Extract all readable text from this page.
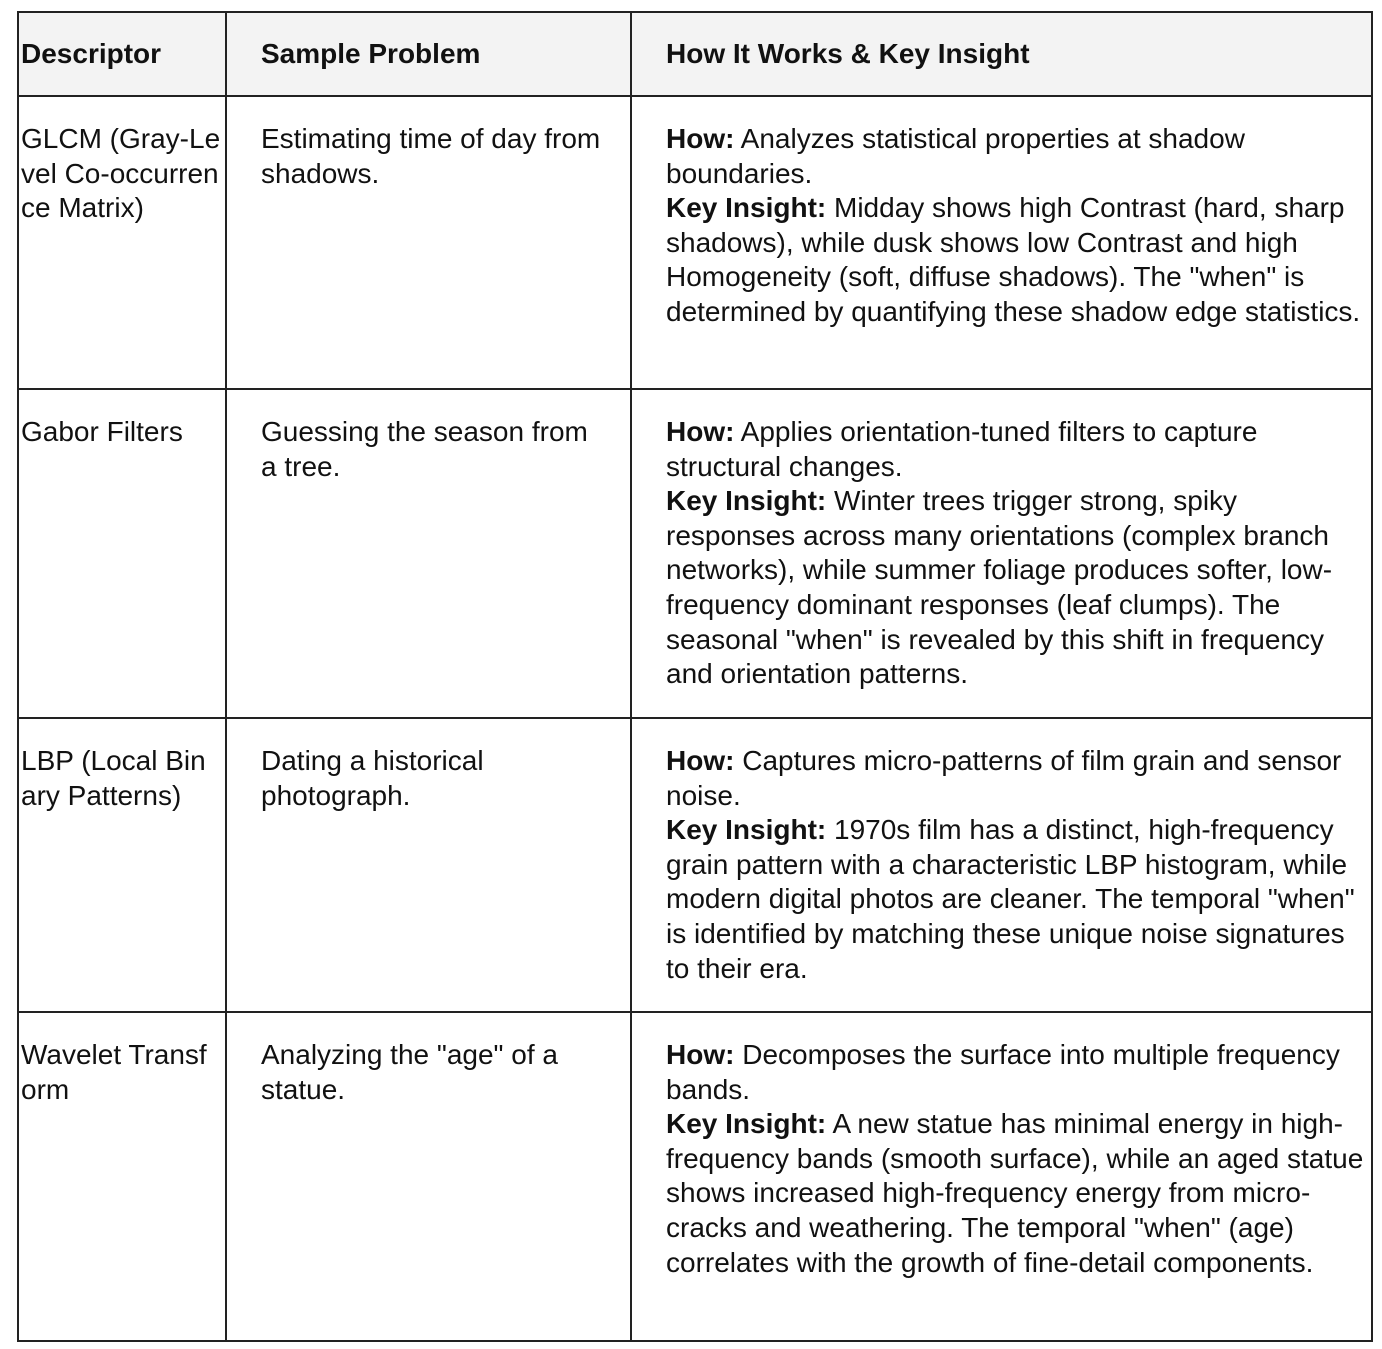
Descriptor	Sample Problem	How It Works & Key Insight
GLCM (Gray-Level Co-occurrence Matrix)	Estimating time of day from shadows.	How: Analyzes statistical properties at shadow boundaries.
Key Insight: Midday shows high Contrast (hard, sharp shadows), while dusk shows low Contrast and high Homogeneity (soft, diffuse shadows). The "when" is determined by quantifying these shadow edge statistics.

Gabor Filters	Guessing the season from a tree.	How: Applies orientation-tuned filters to capture structural changes.
Key Insight: Winter trees trigger strong, spiky responses across many orientations (complex branch networks), while summer foliage produces softer, low-frequency dominant responses (leaf clumps). The seasonal "when" is revealed by this shift in frequency and orientation patterns.

LBP (Local Binary Patterns)	Dating a historical photograph.	How: Captures micro-patterns of film grain and sensor noise.
Key Insight: 1970s film has a distinct, high-frequency grain pattern with a characteristic LBP histogram, while modern digital photos are cleaner. The temporal "when" is identified by matching these unique noise signatures to their era.

Wavelet Transform	Analyzing the "age" of a statue.	How: Decomposes the surface into multiple frequency bands.
Key Insight: A new statue has minimal energy in high-frequency bands (smooth surface), while an aged statue shows increased high-frequency energy from micro-cracks and weathering. The temporal "when" (age) correlates with the growth of fine-detail components.
